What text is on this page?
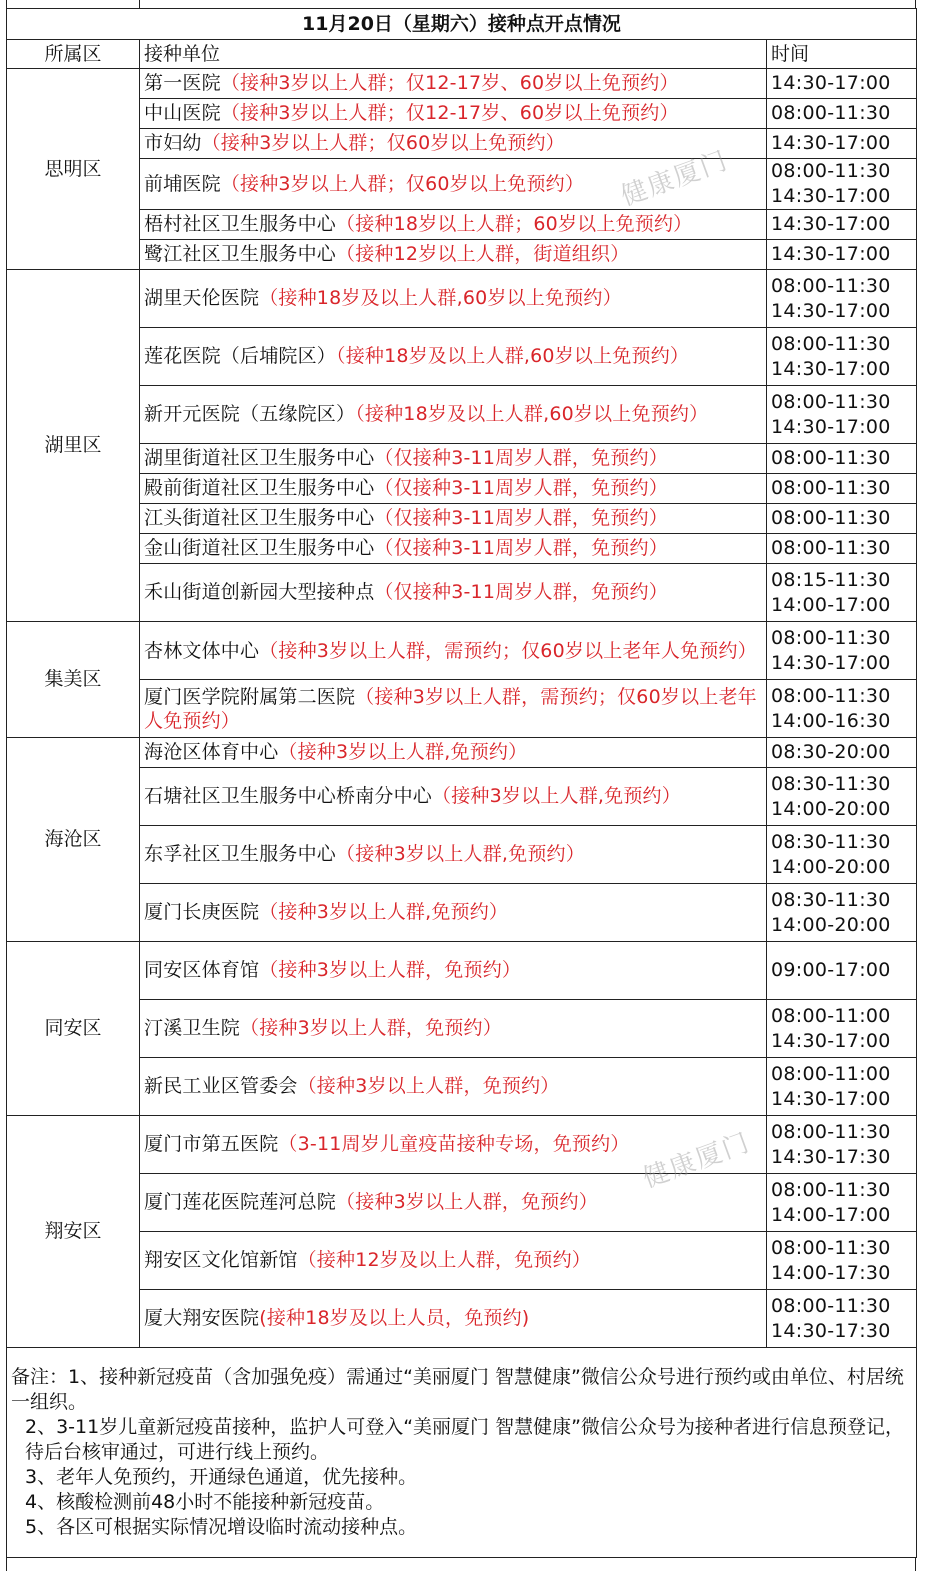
11月20日（星期六）接种点开点情况		
所属区	接种单位	时间
思明区	第一医院（接种3岁以上人群；仅12-17岁、60岁以上免预约）	14:30-17:00

	中山医院（接种3岁以上人群；仅12-17岁、60岁以上免预约）	08:00-11:30

	市妇幼（接种3岁以上人群；仅60岁以上免预约）	14:30-17:00

	前埔医院（接种3岁以上人群；仅60岁以上免预约）	08:00-11:30
14:30-17:00

	梧村社区卫生服务中心（接种18岁以上人群；60岁以上免预约）	14:30-17:00

	鹭江社区卫生服务中心（接种12岁以上人群，街道组织）	14:30-17:00

湖里区	湖里天伦医院（接种18岁及以上人群,60岁以上免预约）	08:00-11:30
14:30-17:00

	莲花医院（后埔院区）（接种18岁及以上人群,60岁以上免预约）	08:00-11:30
14:30-17:00

	新开元医院（五缘院区）（接种18岁及以上人群,60岁以上免预约）	08:00-11:30
14:30-17:00

	湖里街道社区卫生服务中心（仅接种3-11周岁人群，免预约）	08:00-11:30

	殿前街道社区卫生服务中心（仅接种3-11周岁人群，免预约）	08:00-11:30

	江头街道社区卫生服务中心（仅接种3-11周岁人群，免预约）	08:00-11:30

	金山街道社区卫生服务中心（仅接种3-11周岁人群，免预约）	08:00-11:30

	禾山街道创新园大型接种点（仅接种3-11周岁人群，免预约）	08:15-11:30
14:00-17:00

集美区	杏林文体中心（接种3岁以上人群，需预约；仅60岁以上老年人免预约）	08:00-11:30
14:30-17:00

	厦门医学院附属第二医院（接种3岁以上人群，需预约；仅60岁以上老年人免预约）	08:00-11:30
14:00-16:30

海沧区	海沧区体育中心（接种3岁以上人群,免预约）	08:30-20:00

	石塘社区卫生服务中心桥南分中心（接种3岁以上人群,免预约）	08:30-11:30
14:00-20:00

	东孚社区卫生服务中心（接种3岁以上人群,免预约）	08:30-11:30
14:00-20:00

	厦门长庚医院（接种3岁以上人群,免预约）	08:30-11:30
14:00-20:00

同安区	同安区体育馆（接种3岁以上人群，免预约）	09:00-17:00

	汀溪卫生院（接种3岁以上人群，免预约）	08:00-11:00
14:30-17:00

	新民工业区管委会（接种3岁以上人群，免预约）	08:00-11:00
14:30-17:00

翔安区	厦门市第五医院（3-11周岁儿童疫苗接种专场，免预约）	08:00-11:30
14:30-17:30

	厦门莲花医院莲河总院（接种3岁以上人群，免预约）	08:00-11:30
14:00-17:00

	翔安区文化馆新馆（接种12岁及以上人群，免预约）	08:00-11:30
14:00-17:30

	厦大翔安医院(接种18岁及以上人员，免预约)	08:00-11:30
14:30-17:30

备注：1、接种新冠疫苗（含加强免疫）需通过“美丽厦门 智慧健康”微信公众号进行预约或由单位、村居统一组织。
2、3-11岁儿童新冠疫苗接种，监护人可登入“美丽厦门 智慧健康”微信公众号为接种者进行信息预登记，待后台核审通过，可进行线上预约。
3、老年人免预约，开通绿色通道，优先接种。
4、核酸检测前48小时不能接种新冠疫苗。
5、各区可根据实际情况增设临时流动接种点。		
健康厦门
健康厦门
